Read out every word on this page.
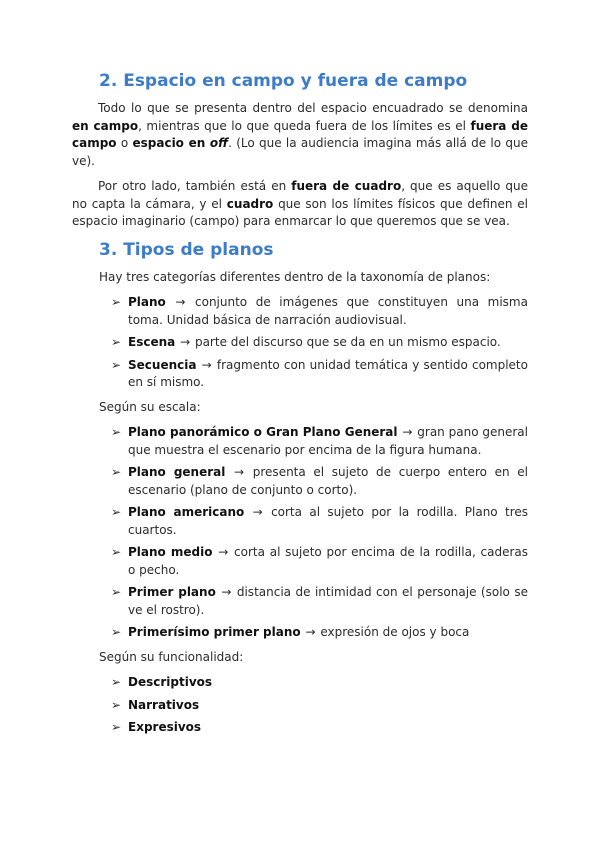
2. Espacio en campo y fuera de campo

Todo lo que se presenta dentro del espacio encuadrado se denomina en campo, mientras que lo que queda fuera de los límites es el fuera de campo o espacio en off. (Lo que la audiencia imagina más allá de lo que ve).

Por otro lado, también está en fuera de cuadro, que es aquello que no capta la cámara, y el cuadro que son los límites físicos que definen el espacio imaginario (campo) para enmarcar lo que queremos que se vea.

3. Tipos de planos

Hay tres categorías diferentes dentro de la taxonomía de planos:

➢ Plano → conjunto de imágenes que constituyen una misma toma. Unidad básica de narración audiovisual.
➢ Escena → parte del discurso que se da en un mismo espacio.
➢ Secuencia → fragmento con unidad temática y sentido completo en sí mismo.

Según su escala:

➢ Plano panorámico o Gran Plano General → gran pano general que muestra el escenario por encima de la figura humana.
➢ Plano general → presenta el sujeto de cuerpo entero en el escenario (plano de conjunto o corto).
➢ Plano americano → corta al sujeto por la rodilla. Plano tres cuartos.
➢ Plano medio → corta al sujeto por encima de la rodilla, caderas o pecho.
➢ Primer plano → distancia de intimidad con el personaje (solo se ve el rostro).
➢ Primerísimo primer plano → expresión de ojos y boca

Según su funcionalidad:

➢ Descriptivos
➢ Narrativos
➢ Expresivos
